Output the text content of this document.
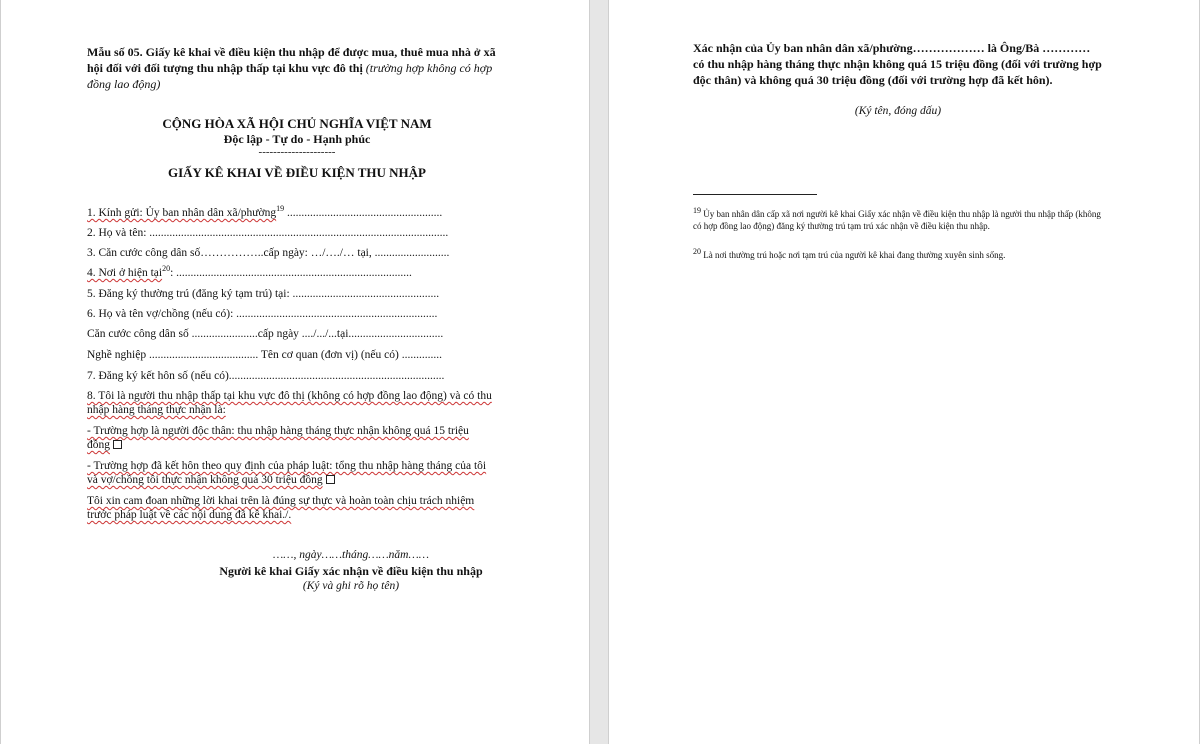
Mẫu số 05. Giấy kê khai về điều kiện thu nhập để được mua, thuê mua nhà ở xã hội đối với đối tượng thu nhập thấp tại khu vực đô thị (trường hợp không có hợp đồng lao động)

CỘNG HÒA XÃ HỘI CHỦ NGHĨA VIỆT NAM

Độc lập - Tự do - Hạnh phúc

---------------------

GIẤY KÊ KHAI VỀ ĐIỀU KIỆN THU NHẬP

1. Kính gửi: Ủy ban nhân dân xã/phường$^{19}$ ......................................................

2. Họ và tên: ........................................................................................................

3. Căn cước công dân số……………..cấp ngày: …/…./… tại, ..........................

4. Nơi ở hiện tại$^{20}$: ..................................................................................

5. Đăng ký thường trú (đăng ký tạm trú) tại: ...................................................

6. Họ và tên vợ/chồng (nếu có): ......................................................................

Căn cước công dân số .......................cấp ngày ..../.../...tại.................................

Nghề nghiệp ...................................... Tên cơ quan (đơn vị) (nếu có) ..............

7. Đăng ký kết hôn số (nếu có)...........................................................................

8. Tôi là người thu nhập thấp tại khu vực đô thị (không có hợp đồng lao động) và có thu nhập hàng tháng thực nhận là:

- Trường hợp là người độc thân: thu nhập hàng tháng thực nhận không quá 15 triệu đồng

- Trường hợp đã kết hôn theo quy định của pháp luật: tổng thu nhập hàng tháng của tôi và vợ/chồng tôi thực nhận không quá 30 triệu đồng

Tôi xin cam đoan những lời khai trên là đúng sự thực và hoàn toàn chịu trách nhiệm trước pháp luật về các nội dung đã kê khai./.

……, ngày……tháng……năm……

Người kê khai Giấy xác nhận về điều kiện thu nhập

(Ký và ghi rõ họ tên)

Xác nhận của Ủy ban nhân dân xã/phường……………… là Ông/Bà ………… có thu nhập hàng tháng thực nhận không quá 15 triệu đồng (đối với trường hợp độc thân) và không quá 30 triệu đồng (đối với trường hợp đã kết hôn).

(Ký tên, đóng dấu)

$^{19}$ Ủy ban nhân dân cấp xã nơi người kê khai Giấy xác nhận về điều kiện thu nhập là người thu nhập thấp (không có hợp đồng lao động) đăng ký thường trú tạm trú xác nhận về điều kiện thu nhập.

$^{20}$ Là nơi thường trú hoặc nơi tạm trú của người kê khai đang thường xuyên sinh sống.
